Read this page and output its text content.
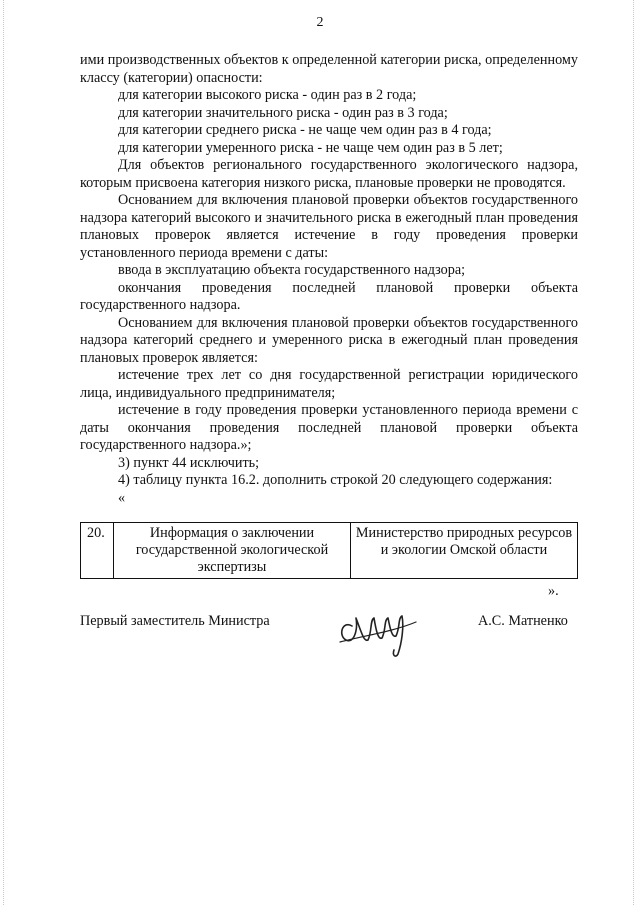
2

ими производственных объектов к определенной категории риска, определенному классу (категории) опасности:

для категории высокого риска - один раз в 2 года;

для категории значительного риска - один раз в 3 года;

для категории среднего риска - не чаще чем один раз в 4 года;

для категории умеренного риска - не чаще чем один раз в 5 лет;

Для объектов регионального государственного экологического надзора, которым присвоена категория низкого риска, плановые проверки не проводятся.

Основанием для включения плановой проверки объектов государственного надзора категорий высокого и значительного риска в ежегодный план проведения плановых проверок является истечение в году проведения проверки установленного периода времени с даты:

ввода в эксплуатацию объекта государственного надзора;

окончания проведения последней плановой проверки объекта государственного надзора.

Основанием для включения плановой проверки объектов государственного надзора категорий среднего и умеренного риска в ежегодный план проведения плановых проверок является:

истечение трех лет со дня государственной регистрации юридического лица, индивидуального предпринимателя;

истечение в году проведения проверки установленного периода времени с даты окончания проведения последней плановой проверки объекта государственного надзора.»;

3) пункт 44 исключить;

4) таблицу пункта 16.2. дополнить строкой 20 следующего содержания:

«

20.	Информация о заключении государственной экологической экспертизы	Министерство природных ресурсов и экологии Омской области
».
Первый заместитель Министра	А.С. Матненко
